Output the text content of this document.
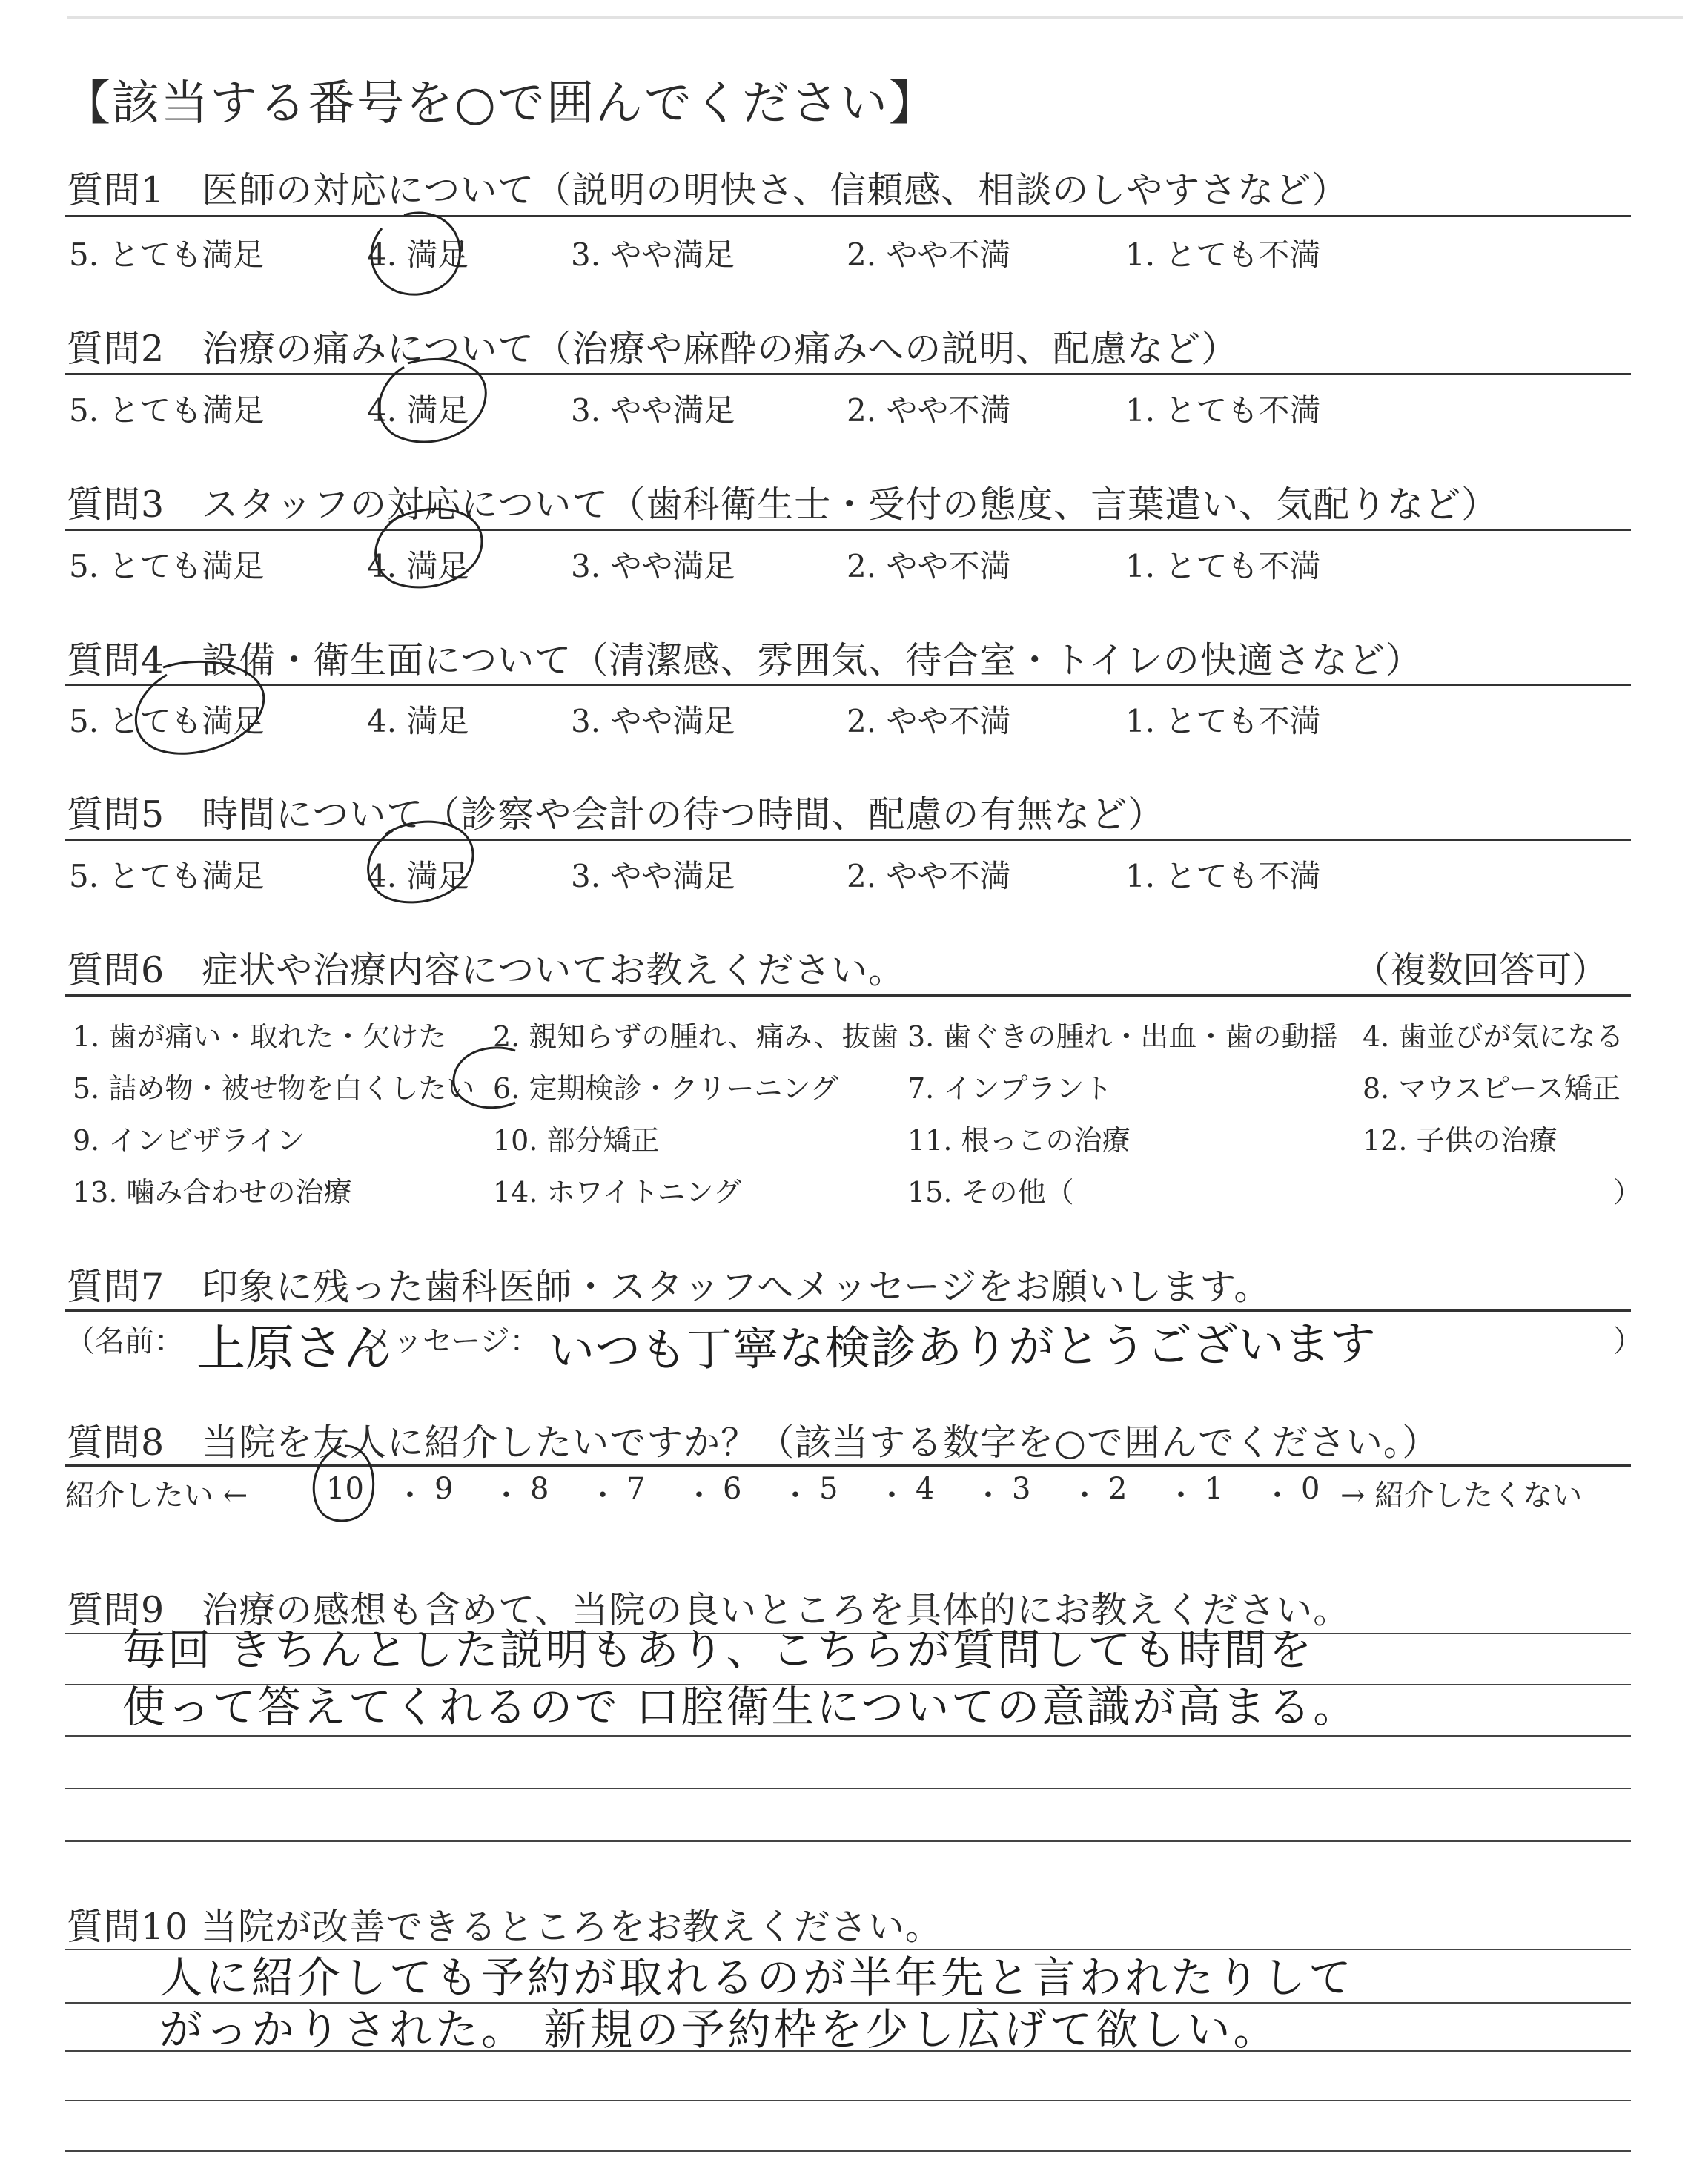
【該当する番号を○で囲んでください】
質問1　医師の対応について（説明の明快さ、信頼感、相談のしやすさなど）
5. とても満足	4. 満足	3. やや満足	2. やや不満	1. とても不満
質問2　治療の痛みについて（治療や麻酔の痛みへの説明、配慮など）
5. とても満足	4. 満足	3. やや満足	2. やや不満	1. とても不満
質問3　スタッフの対応について（歯科衛生士・受付の態度、言葉遣い、気配りなど）
5. とても満足	4. 満足	3. やや満足	2. やや不満	1. とても不満
質問4　設備・衛生面について（清潔感、雰囲気、待合室・トイレの快適さなど）
5. とても満足	4. 満足	3. やや満足	2. やや不満	1. とても不満
質問5　時間について（診察や会計の待つ時間、配慮の有無など）
5. とても満足	4. 満足	3. やや満足	2. やや不満	1. とても不満
質問6　症状や治療内容についてお教えください。	（複数回答可）
1. 歯が痛い・取れた・欠けた 2. 親知らずの腫れ、痛み、抜歯 3. 歯ぐきの腫れ・出血・歯の動揺 4. 歯並びが気になる
5. 詰め物・被せ物を白くしたい 6. 定期検診・クリーニング 7. インプラント	8. マウスピース矯正
9. インビザライン	10. 部分矯正	11. 根っこの治療	12. 子供の治療
13. 噛み合わせの治療	14. ホワイトニング	15. その他（	）
質問7　印象に残った歯科医師・スタッフへメッセージをお願いします。
（名前： 上原さん
メッセージ： いつも丁寧な検診ありがとうございます	）
質問8　当院を友人に紹介したいですか？（該当する数字を○で囲んでください。）
紹介したい ←	10 ・ 9 ・ 8 ・ 7 ・ 6 ・ 5 ・ 4 ・ 3 ・ 2 ・ 1 ・ 0 → 紹介したくない
質問9　治療の感想も含めて、当院の良いところを具体的にお教えください。
毎回 きちんとした説明もあり、こちらが質問しても時間を
使って答えてくれるので 口腔衛生についての意識が高まる。
質問10 当院が改善できるところをお教えください。
人に紹介しても予約が取れるのが半年先と言われたりして
がっかりされた。 新規の予約枠を少し広げて欲しい。
